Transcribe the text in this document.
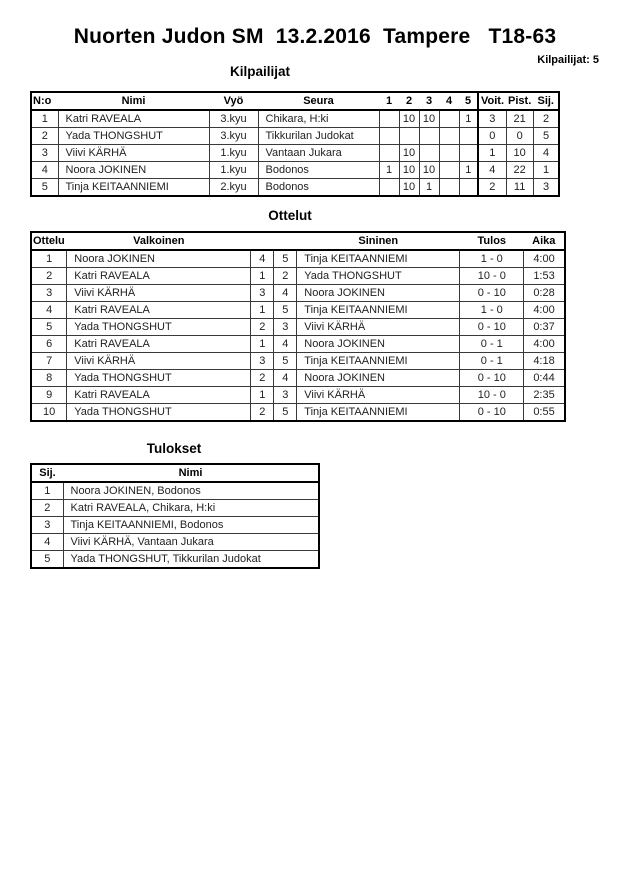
Nuorten Judon SM  13.2.2016  Tampere   T18-63
Kilpailijat: 5
Kilpailijat
N:o	Nimi	Vyö	Seura	1	2	3	4	5	Voit.	Pist.	Sij.
1	Katri RAVEALA	3.kyu	Chikara, H:ki		10	10		1	3	21	2
2	Yada THONGSHUT	3.kyu	Tikkurilan Judokat						0	0	5
3	Viivi KÄRHÄ	1.kyu	Vantaan Jukara		10				1	10	4
4	Noora JOKINEN	1.kyu	Bodonos	1	10	10		1	4	22	1
5	Tinja KEITAANNIEMI	2.kyu	Bodonos		10	1			2	11	3
Ottelut
Ottelu	Valkoinen			Sininen	Tulos	Aika
1	Noora JOKINEN	4	5	Tinja KEITAANNIEMI	1 - 0	4:00
2	Katri RAVEALA	1	2	Yada THONGSHUT	10 - 0	1:53
3	Viivi KÄRHÄ	3	4	Noora JOKINEN	0 - 10	0:28
4	Katri RAVEALA	1	5	Tinja KEITAANNIEMI	1 - 0	4:00
5	Yada THONGSHUT	2	3	Viivi KÄRHÄ	0 - 10	0:37
6	Katri RAVEALA	1	4	Noora JOKINEN	0 - 1	4:00
7	Viivi KÄRHÄ	3	5	Tinja KEITAANNIEMI	0 - 1	4:18
8	Yada THONGSHUT	2	4	Noora JOKINEN	0 - 10	0:44
9	Katri RAVEALA	1	3	Viivi KÄRHÄ	10 - 0	2:35
10	Yada THONGSHUT	2	5	Tinja KEITAANNIEMI	0 - 10	0:55
Tulokset
Sij.	Nimi
1	Noora JOKINEN, Bodonos
2	Katri RAVEALA, Chikara, H:ki
3	Tinja KEITAANNIEMI, Bodonos
4	Viivi KÄRHÄ, Vantaan Jukara
5	Yada THONGSHUT, Tikkurilan Judokat
